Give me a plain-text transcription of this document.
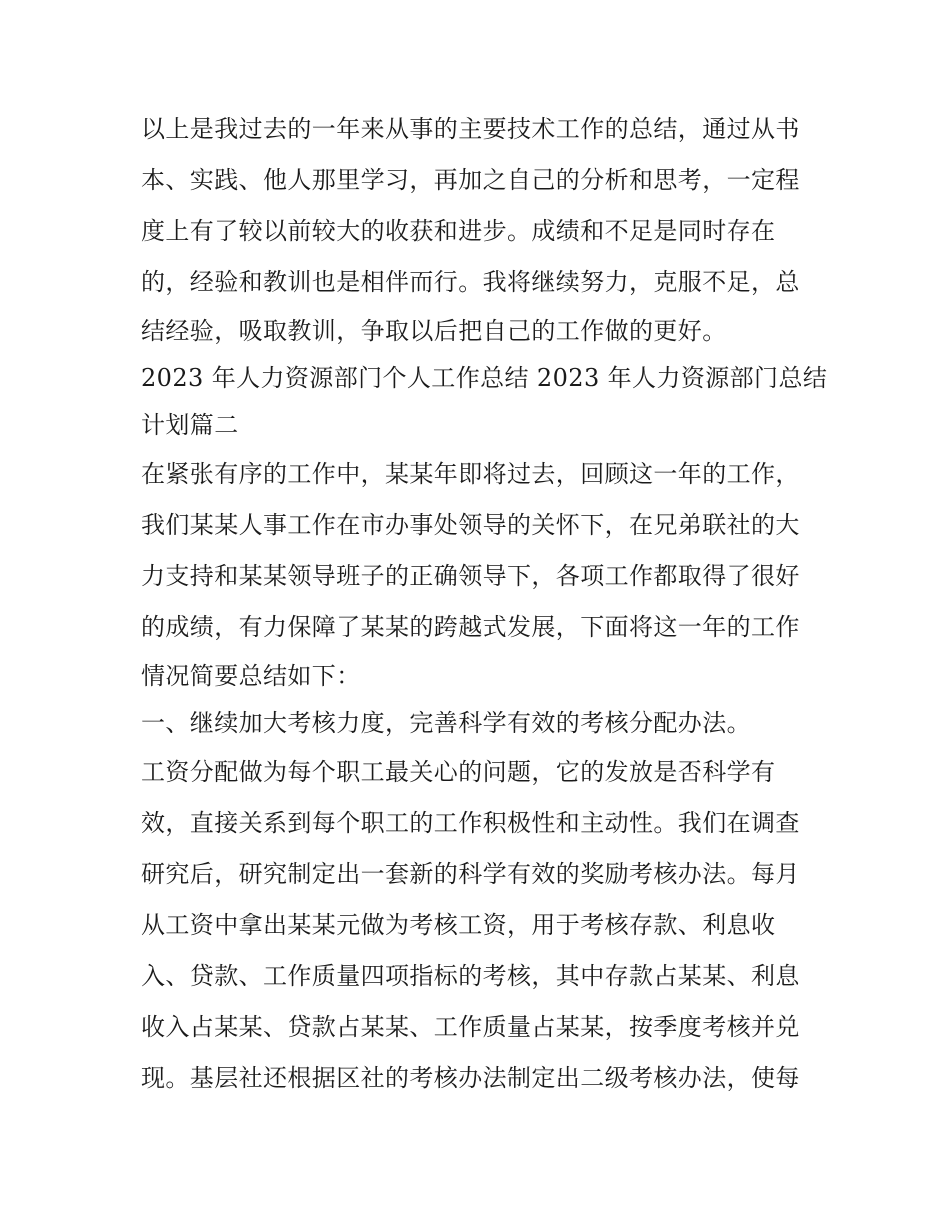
以上是我过去的一年来从事的主要技术工作的总结，通过从书
本、实践、他人那里学习，再加之自己的分析和思考，一定程
度上有了较以前较大的收获和进步。成绩和不足是同时存在
的，经验和教训也是相伴而行。我将继续努力，克服不足，总
结经验，吸取教训，争取以后把自己的工作做的更好。
2023 年人力资源部门个人工作总结 2023 年人力资源部门总结
计划篇二
在紧张有序的工作中，某某年即将过去，回顾这一年的工作，
我们某某人事工作在市办事处领导的关怀下，在兄弟联社的大
力支持和某某领导班子的正确领导下，各项工作都取得了很好
的成绩，有力保障了某某的跨越式发展，下面将这一年的工作
情况简要总结如下：
一、继续加大考核力度，完善科学有效的考核分配办法。
工资分配做为每个职工最关心的问题，它的发放是否科学有
效，直接关系到每个职工的工作积极性和主动性。我们在调查
研究后，研究制定出一套新的科学有效的奖励考核办法。每月
从工资中拿出某某元做为考核工资，用于考核存款、利息收
入、贷款、工作质量四项指标的考核，其中存款占某某、利息
收入占某某、贷款占某某、工作质量占某某，按季度考核并兑
现。基层社还根据区社的考核办法制定出二级考核办法，使每
